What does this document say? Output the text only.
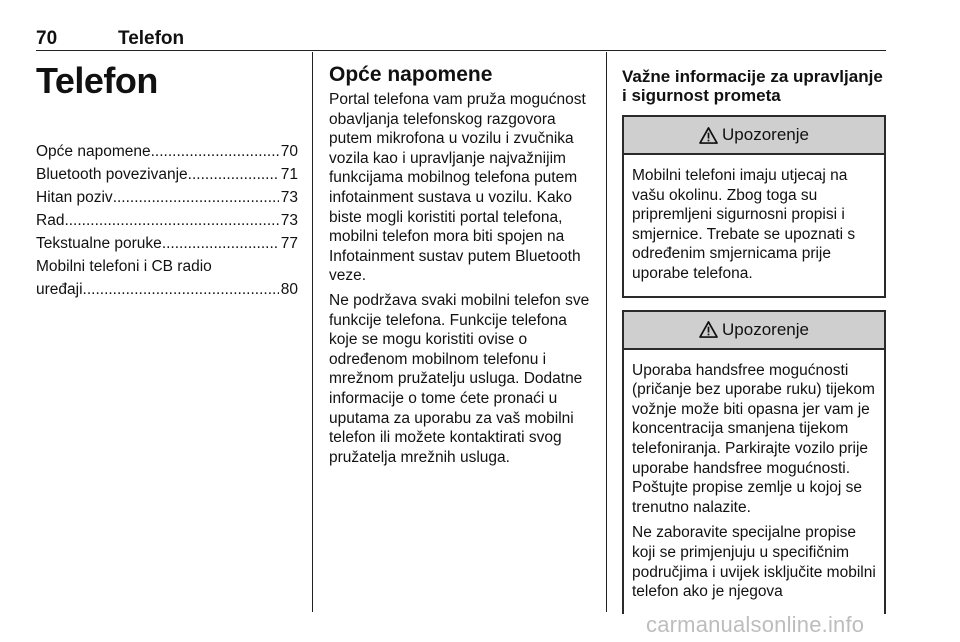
70	Telefon
Telefon
Opće napomene .....	70
Bluetooth povezivanje .....	71
Hitan poziv .....	73
Rad .....	73
Tekstualne poruke .....	77
Mobilni telefoni i CB radio
uređaji .....	80
Opće napomene

Portal telefona vam pruža mogućnost obavljanja telefonskog razgovora putem mikrofona u vozilu i zvučnika vozila kao i upravljanje najvažnijim funkcijama mobilnog telefona putem infotainment sustava u vozilu. Kako biste mogli koristiti portal telefona, mobilni telefon mora biti spojen na Infotainment sustav putem Bluetooth veze.

Ne podržava svaki mobilni telefon sve funkcije telefona. Funkcije telefona koje se mogu koristiti ovise o određenom mobilnom telefonu i mrežnom pružatelju usluga. Dodatne informacije o tome ćete pronaći u uputama za uporabu za vaš mobilni telefon ili možete kontaktirati svog pružatelja mrežnih usluga.

Važne informacije za upravljanje i sigurnost prometa
Upozorenje

Mobilni telefoni imaju utjecaj na vašu okolinu. Zbog toga su pripremljeni sigurnosni propisi i smjernice. Trebate se upoznati s određenim smjernicama prije uporabe telefona.

Upozorenje

Uporaba handsfree mogućnosti (pričanje bez uporabe ruku) tijekom vožnje može biti opasna jer vam je koncentracija smanjena tijekom telefoniranja. Parkirajte vozilo prije uporabe handsfree mogućnosti. Poštujte propise zemlje u kojoj se trenutno nalazite.

Ne zaboravite specijalne propise koji se primjenjuju u specifičnim područjima i uvijek isključite mobilni telefon ako je njegova

carmanualsonline.info
